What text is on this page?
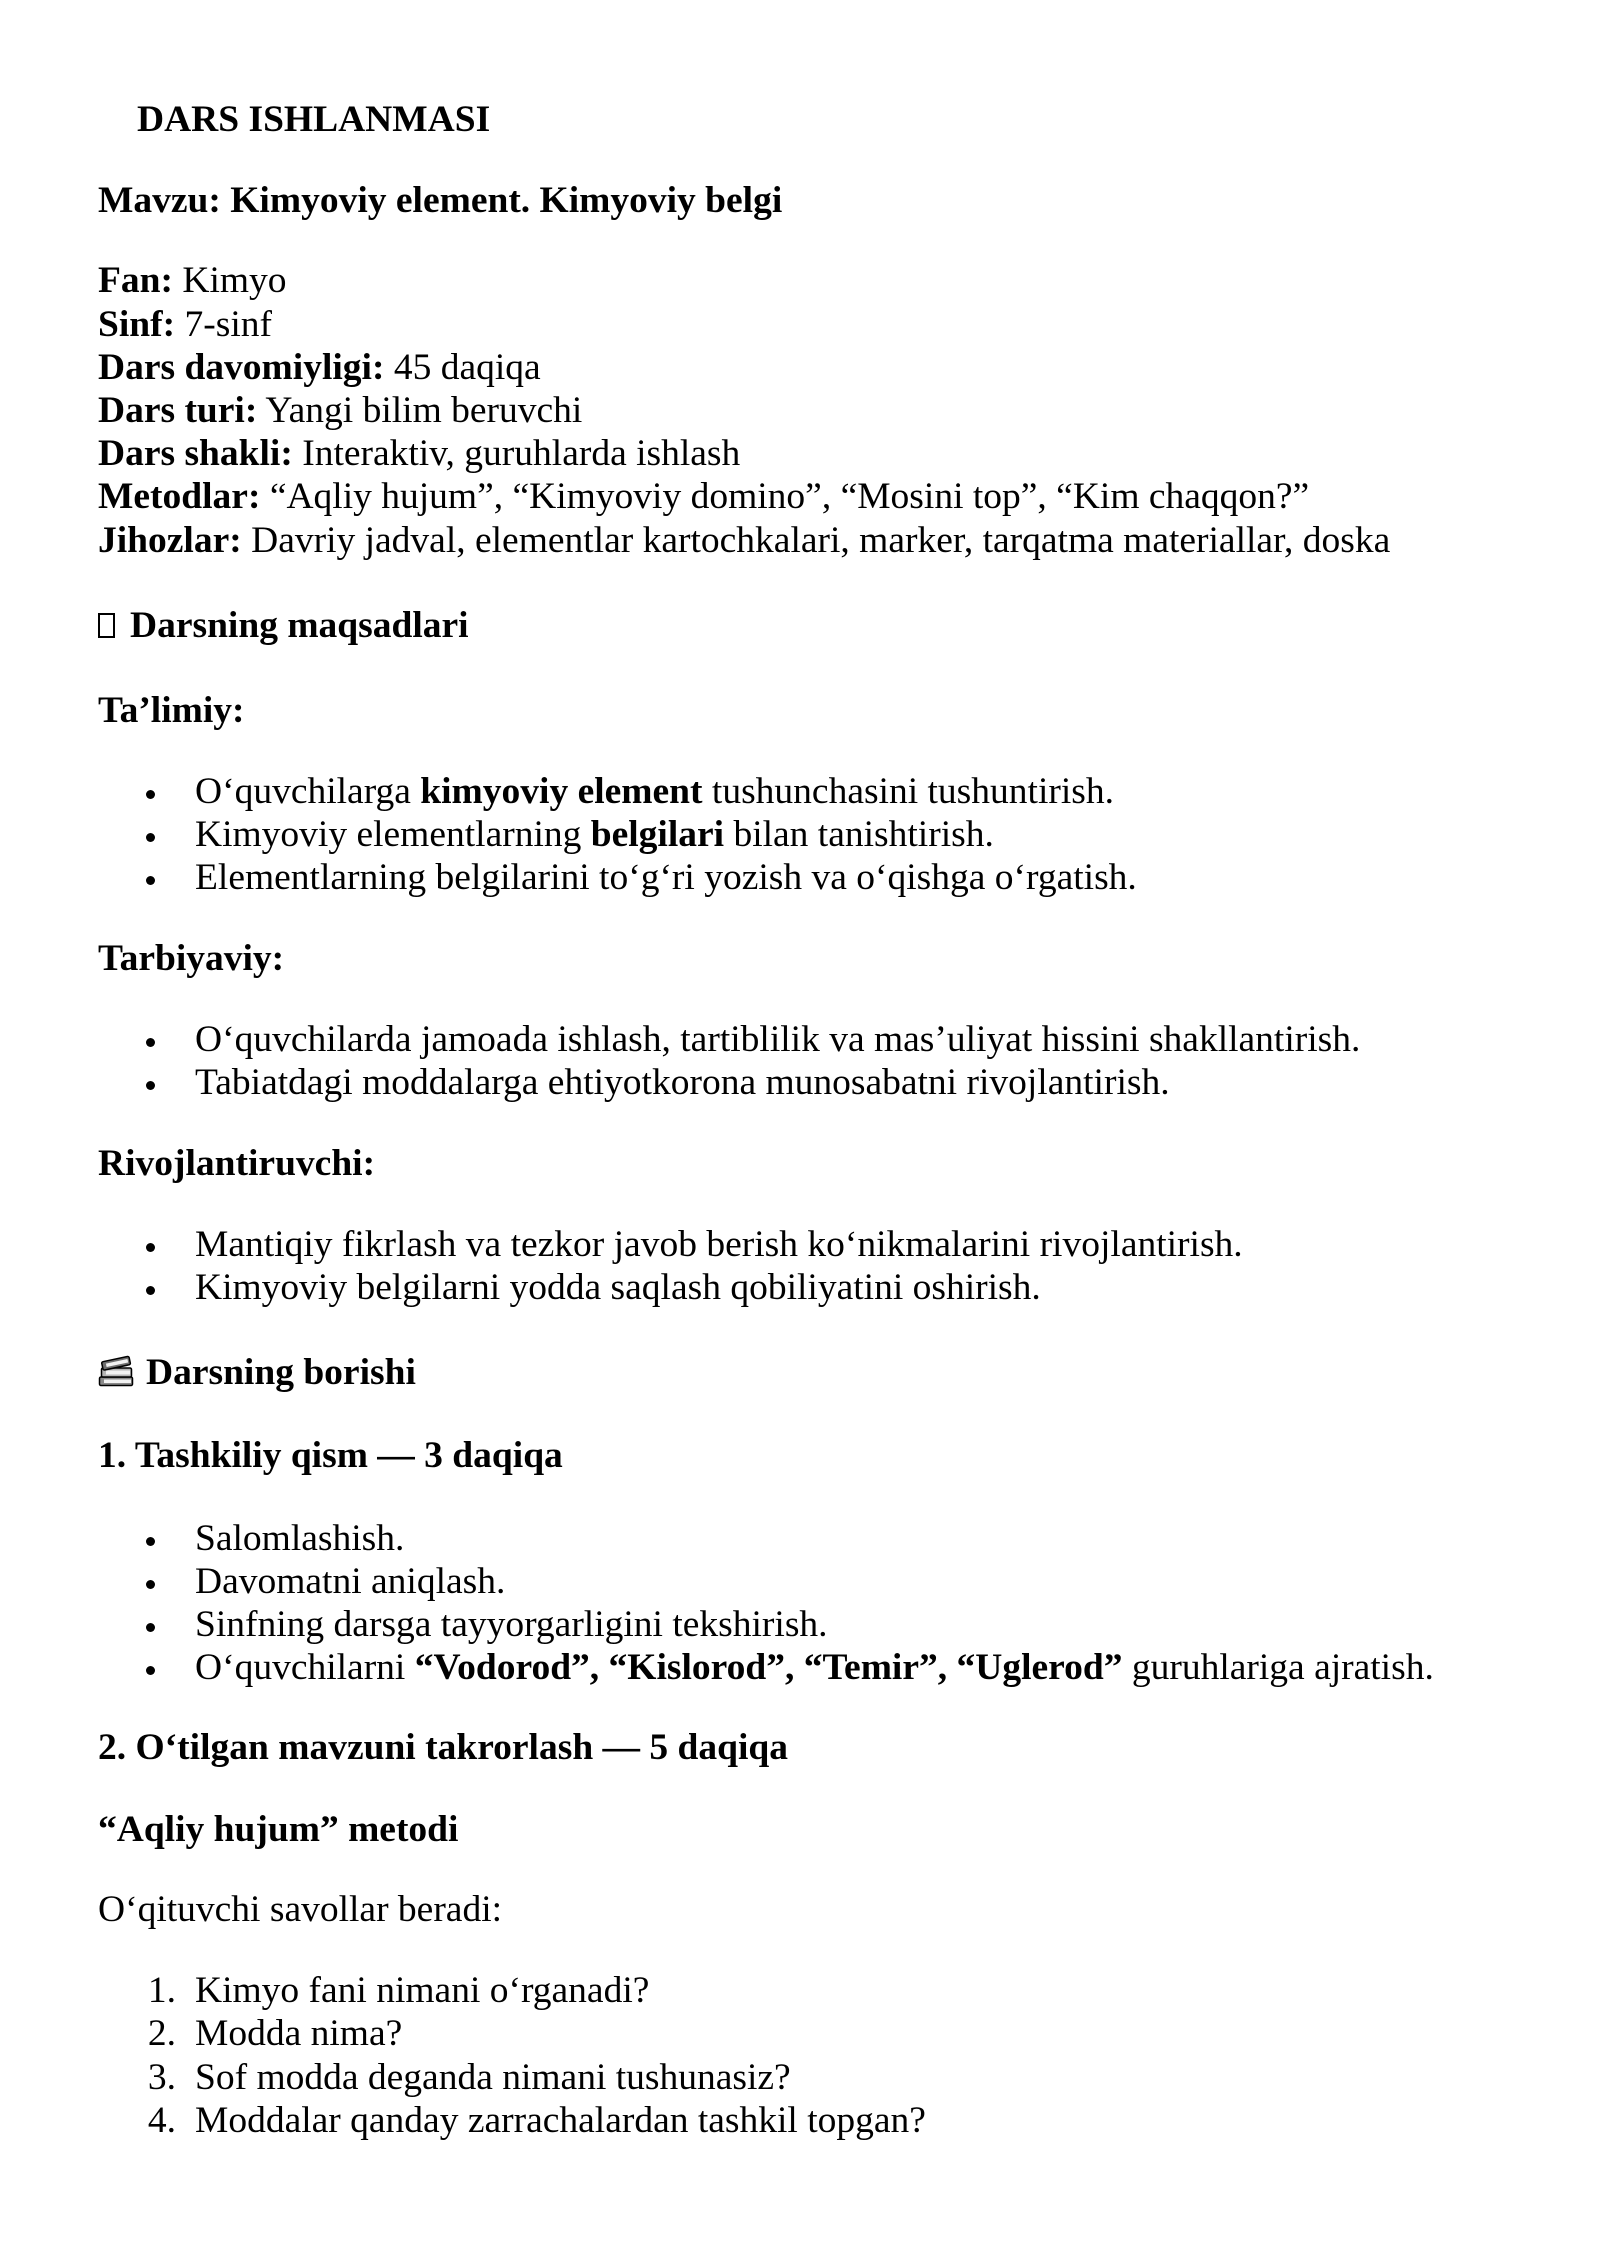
DARS ISHLANMASI
Mavzu: Kimyoviy element. Kimyoviy belgi
Fan: Kimyo
Sinf: 7-sinf
Dars davomiyligi: 45 daqiqa
Dars turi: Yangi bilim beruvchi
Dars shakli: Interaktiv, guruhlarda ishlash
Metodlar: “Aqliy hujum”, “Kimyoviy domino”, “Mosini top”, “Kim chaqqon?”
Jihozlar: Davriy jadval, elementlar kartochkalari, marker, tarqatma materiallar, doska
Darsning maqsadlari
Ta’limiy:
O‘quvchilarga kimyoviy element tushunchasini tushuntirish.
Kimyoviy elementlarning belgilari bilan tanishtirish.
Elementlarning belgilarini to‘g‘ri yozish va o‘qishga o‘rgatish.
Tarbiyaviy:
O‘quvchilarda jamoada ishlash, tartiblilik va mas’uliyat hissini shakllantirish.
Tabiatdagi moddalarga ehtiyotkorona munosabatni rivojlantirish.
Rivojlantiruvchi:
Mantiqiy fikrlash va tezkor javob berish ko‘nikmalarini rivojlantirish.
Kimyoviy belgilarni yodda saqlash qobiliyatini oshirish.
Darsning borishi
1. Tashkiliy qism — 3 daqiqa
Salomlashish.
Davomatni aniqlash.
Sinfning darsga tayyorgarligini tekshirish.
O‘quvchilarni “Vodorod”, “Kislorod”, “Temir”, “Uglerod” guruhlariga ajratish.
2. O‘tilgan mavzuni takrorlash — 5 daqiqa
“Aqliy hujum” metodi
O‘qituvchi savollar beradi:
1. Kimyo fani nimani o‘rganadi?
2. Modda nima?
3. Sof modda deganda nimani tushunasiz?
4. Moddalar qanday zarrachalardan tashkil topgan?
